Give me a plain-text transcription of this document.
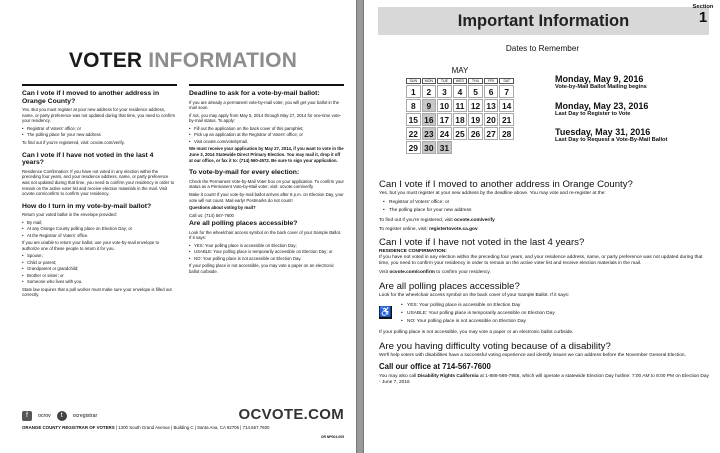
VOTER INFORMATION
Can I vote if I moved to another address in Orange County?

Yes. But you must register at your new address for your residence address, name, or party preference was not updated during that time, you need to confirm your residency.

• Registrar of Voters' office; or
• The polling place for your new address

To find out if you're registered, visit: ocvote.com/verify.

Can I vote if I have not voted in the last 4 years?

Residence Confirmation: If you have not voted in any election within the preceding four years, and your residence address, name, or party preference was not updated during that time, you need to confirm your residency in order to remain on the active voter list and receive election materials in the mail. Visit ocvote.com/confirm to confirm your residency.

How do I turn in my vote-by-mail ballot?

Return your voted ballot in the envelope provided:

• By mail;
• At any Orange County polling place on Election Day; or
• At the Registrar of Voters' office.

If you are unable to return your ballot, use your vote-by-mail envelope to authorize one of these people to return it for you.

• Spouse;
• Child or parent;
• Grandparent or grandchild;
• Brother or sister; or
• Someone who lives with you.

State law requires that a poll worker must make sure your envelope is filled out correctly.

Deadline to ask for a vote-by-mail ballot:

If you are already a permanent vote-by-mail voter, you will get your ballot in the mail soon.

If not, you may apply from May 5, 2014 through May 27, 2014 for one-time vote-by-mail status. To apply:

• Fill out the application on the back cover of this pamphlet;
• Pick up an application at the Registrar of Voters' office; or
• Visit ocvote.com/votebymail.

We must receive your application by May 27, 2014, if you want to vote in the June 3, 2014 Statewide Direct Primary Election. You may mail it, drop it off at our office, or fax it to: (714) 560-4572. Be sure to sign your application.

To vote-by-mail for every election:

Check the Permanent Vote-by-Mail Voter box on your application. To confirm your status as a Permanent Vote-by-Mail voter, visit: ocvote.com/verify

Make it count! If your vote-by-mail ballot arrives after 8 p.m. on Election Day, your vote will not count. Mail early! Postmarks do not count!

Questions about voting by mail?

Call us: (714) 567-7600

Are all polling places accessible?

Look for the wheelchair access symbol on the back cover of your Sample Ballot. If it says:

• YES: Your polling place is accessible on Election Day;
• USABLE: Your polling place is temporarily accessible on Election Day; or
• NO: Your polling place is not accessible on Election Day.

If your polling place is not accessible, you may vote a paper on an electronic ballot curbside.

f	ocrov	t	ocregistrar	OCVOTE.COM
ORANGE COUNTY REGISTRAR OF VOTERS | 1300 South Grand Avenue | Building C | Santa Ana, CA 92705 | 714.567.7600
OR NP004-005
Important Information
Section
1
Dates to Remember
MAY
SUN	MON	TUE	WED	THU	FRI	SAT
1	2	3	4	5	6	7
8	9	10	11	12	13	14
15	16	17	18	19	20	21
22	23	24	25	26	27	28
29	30	31				
Monday, May 9, 2016
Vote-by-Mail Ballot Mailing begins
Monday, May 23, 2016
Last Day to Register to Vote
Tuesday, May 31, 2016
Last Day to Request a Vote-By-Mail Ballot
Can I vote if I moved to another address in Orange County?

Yes, but you must register at your new address by the deadline above. You may vote and re-register at the:

• Registrar of Voters' office; or
• The polling place for your new address

To find out if you're registered, visit ocvote.com/verify

To register online, visit: registertovote.ca.gov

Can I vote if I have not voted in the last 4 years?
RESIDENCE CONFIRMATION:

If you have not voted in any election within the preceding four years, and your residence address, name, or party preference was not updated during that time, you need to confirm your residency in order to remain on the active voter list and receive election materials in the mail.

Visit ocvote.com/confirm to confirm your residency.

Are all polling places accessible?

Look for the wheelchair access symbol on the back cover of your Sample Ballot. If it says:

♿
• YES: Your polling place is accessible on Election Day
• USABLE: Your polling place is temporarily accessible on Election Day
• NO: Your polling place is not accessible on Election Day

If your polling place is not accessible, you may vote a paper or an electronic ballot curbside.

Are you having difficulty voting because of a disability?

We'll help voters with disabilities have a successful voting experience and identify issues we can address before the November General Election.

Call our office at 714-567-7600

You may also call Disability Rights California at 1-888-569-7955, which will operate a statewide Election Day hotline: 7:00 AM to 8:00 PM on Election Day - June 7, 2016
